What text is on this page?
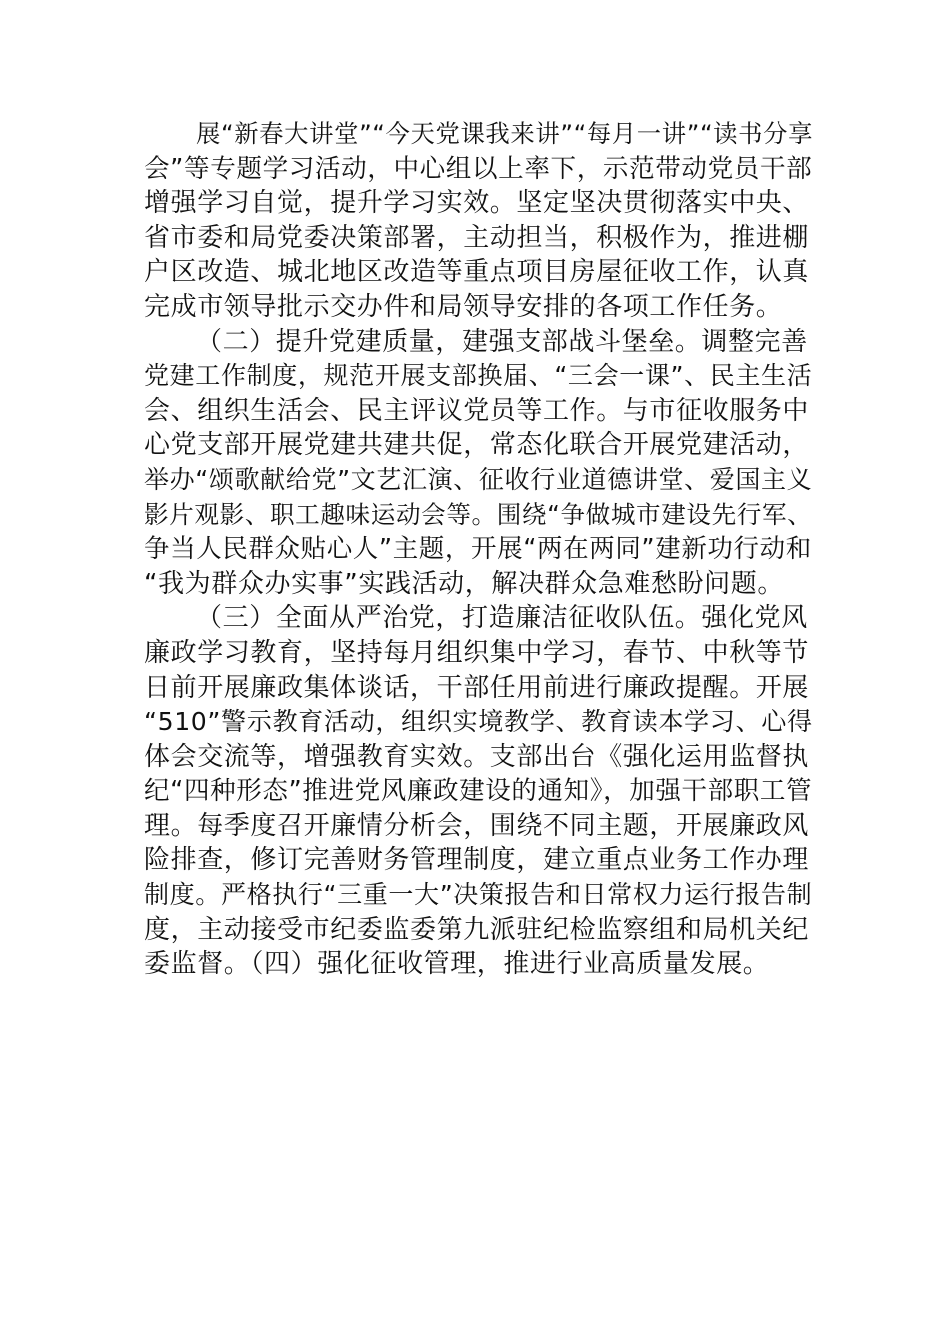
展“新春大讲堂”“今天党课我来讲”“每月一讲”“读书分享
会”等专题学习活动，中心组以上率下，示范带动党员干部
增强学习自觉，提升学习实效。坚定坚决贯彻落实中央、
省市委和局党委决策部署，主动担当，积极作为，推进棚
户区改造、城北地区改造等重点项目房屋征收工作，认真
完成市领导批示交办件和局领导安排的各项工作任务。
（二）提升党建质量，建强支部战斗堡垒。调整完善
党建工作制度，规范开展支部换届、“三会一课”、民主生活
会、组织生活会、民主评议党员等工作。与市征收服务中
心党支部开展党建共建共促，常态化联合开展党建活动，
举办“颂歌献给党”文艺汇演、征收行业道德讲堂、爱国主义
影片观影、职工趣味运动会等。围绕“争做城市建设先行军、
争当人民群众贴心人”主题，开展“两在两同”建新功行动和
“我为群众办实事”实践活动，解决群众急难愁盼问题。
（三）全面从严治党，打造廉洁征收队伍。强化党风
廉政学习教育，坚持每月组织集中学习，春节、中秋等节
日前开展廉政集体谈话，干部任用前进行廉政提醒。开展
“510”警示教育活动，组织实境教学、教育读本学习、心得
体会交流等，增强教育实效。支部出台《强化运用监督执
纪“四种形态”推进党风廉政建设的通知》，加强干部职工管
理。每季度召开廉情分析会，围绕不同主题，开展廉政风
险排查，修订完善财务管理制度，建立重点业务工作办理
制度。严格执行“三重一大”决策报告和日常权力运行报告制
度，主动接受市纪委监委第九派驻纪检监察组和局机关纪
委监督。（四）强化征收管理，推进行业高质量发展。
